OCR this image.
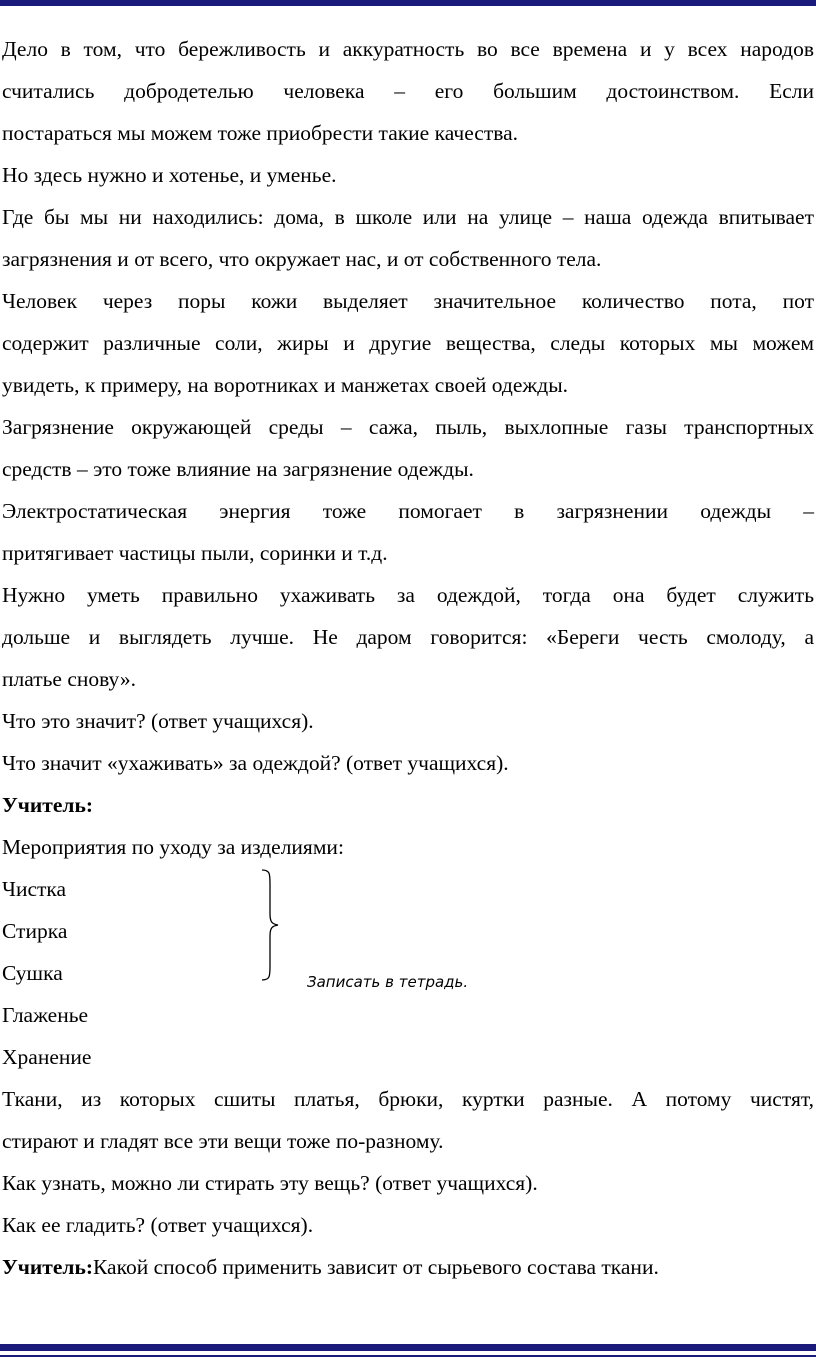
Дело в том, что бережливость и аккуратность во все времена и у всех народов
считались добродетелью человека – его большим достоинством. Если
постараться мы можем тоже приобрести такие качества.
Но здесь нужно и хотенье, и уменье.
Где бы мы ни находились: дома, в школе или на улице – наша одежда впитывает
загрязнения и от всего, что окружает нас, и от собственного тела.
Человек через поры кожи выделяет значительное количество пота, пот
содержит различные соли, жиры и другие вещества, следы которых мы можем
увидеть, к примеру, на воротниках и манжетах своей одежды.
Загрязнение окружающей среды – сажа, пыль, выхлопные газы транспортных
средств – это тоже влияние на загрязнение одежды.
Электростатическая энергия тоже помогает в загрязнении одежды –
притягивает частицы пыли, соринки и т.д.
Нужно уметь правильно ухаживать за одеждой, тогда она будет служить
дольше и выглядеть лучше. Не даром говорится: «Береги честь смолоду, а
платье снову».
Что это значит? (ответ учащихся).
Что значит «ухаживать» за одеждой? (ответ учащихся).
Учитель:
Мероприятия по уходу за изделиями:
Чистка
Стирка
Сушка
Глаженье
Хранение
Ткани, из которых сшиты платья, брюки, куртки разные. А потому чистят,
стирают и гладят все эти вещи тоже по-разному.
Как узнать, можно ли стирать эту вещь? (ответ учащихся).
Как ее гладить? (ответ учащихся).
Учитель:Какой способ применить зависит от сырьевого состава ткани.
Записать в тетрадь.
